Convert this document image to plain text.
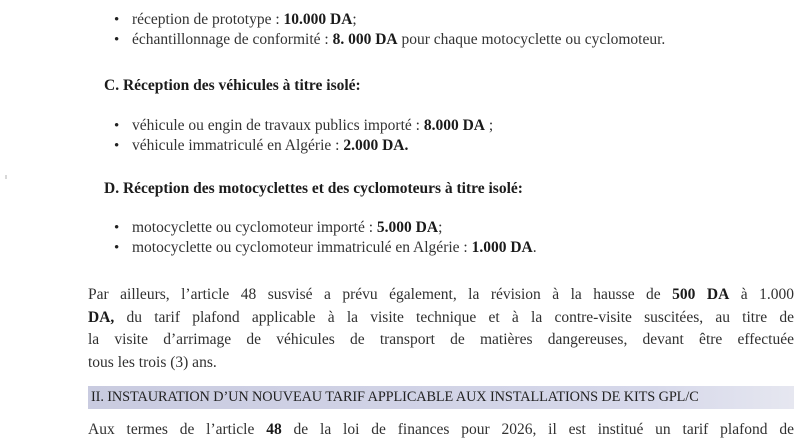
• réception de prototype : 10.000 DA;
• échantillonnage de conformité : 8. 000 DA pour chaque motocyclette ou cyclomoteur.
C. Réception des véhicules à titre isolé:
• véhicule ou engin de travaux publics importé : 8.000 DA ;
• véhicule immatriculé en Algérie : 2.000 DA.
D. Réception des motocyclettes et des cyclomoteurs à titre isolé:
• motocyclette ou cyclomoteur importé : 5.000 DA;
• motocyclette ou cyclomoteur immatriculé en Algérie : 1.000 DA.
Par ailleurs, l’article 48 susvisé a prévu également, la révision à la hausse de 500 DA à 1.000
DA, du tarif plafond applicable à la visite technique et à la contre-visite suscitées, au titre de
la visite d’arrimage de véhicules de transport de matières dangereuses, devant être effectuée
tous les trois (3) ans.
II. INSTAURATION D’UN NOUVEAU TARIF APPLICABLE AUX INSTALLATIONS DE KITS GPL/C
Aux termes de l’article 48 de la loi de finances pour 2026, il est institué un tarif plafond de
